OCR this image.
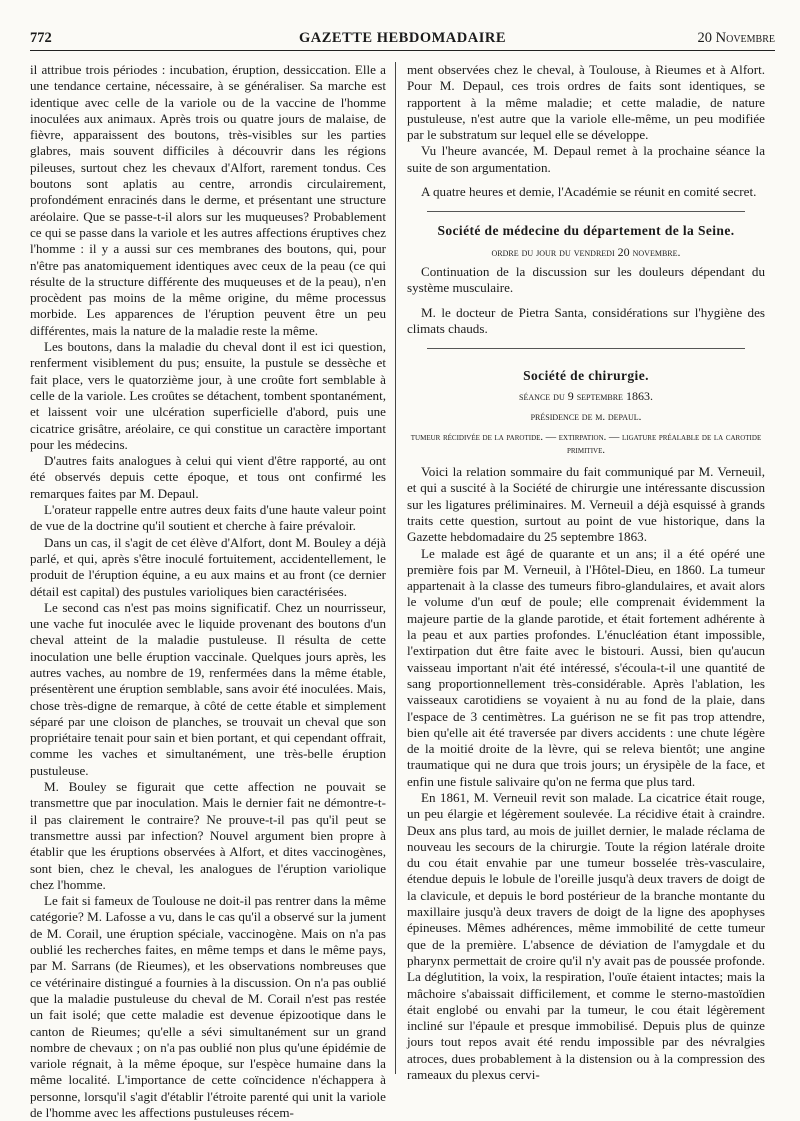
772	GAZETTE HEBDOMADAIRE	20 Novembre

il attribue trois périodes : incubation, éruption, dessiccation. Elle a une tendance certaine, nécessaire, à se généraliser. Sa marche est identique avec celle de la variole ou de la vaccine de l'homme inoculées aux animaux. Après trois ou quatre jours de malaise, de fièvre, apparaissent des boutons, très-visibles sur les parties glabres, mais souvent difficiles à découvrir dans les régions pileuses, surtout chez les chevaux d'Alfort, rarement tondus. Ces boutons sont aplatis au centre, arrondis circulairement, profondément enracinés dans le derme, et présentant une structure aréolaire. Que se passe-t-il alors sur les muqueuses? Probablement ce qui se passe dans la variole et les autres affections éruptives chez l'homme : il y a aussi sur ces membranes des boutons, qui, pour n'être pas anatomiquement identiques avec ceux de la peau (ce qui résulte de la structure différente des muqueuses et de la peau), n'en procèdent pas moins de la même origine, du même processus morbide. Les apparences de l'éruption peuvent être un peu différentes, mais la nature de la maladie reste la même.

Les boutons, dans la maladie du cheval dont il est ici question, renferment visiblement du pus; ensuite, la pustule se dessèche et fait place, vers le quatorzième jour, à une croûte fort semblable à celle de la variole. Les croûtes se détachent, tombent spontanément, et laissent voir une ulcération superficielle d'abord, puis une cicatrice grisâtre, aréolaire, ce qui constitue un caractère important pour les médecins.

D'autres faits analogues à celui qui vient d'être rapporté, au ont été observés depuis cette époque, et tous ont confirmé les remarques faites par M. Depaul.

L'orateur rappelle entre autres deux faits d'une haute valeur point de vue de la doctrine qu'il soutient et cherche à faire prévaloir.

Dans un cas, il s'agit de cet élève d'Alfort, dont M. Bouley a déjà parlé, et qui, après s'être inoculé fortuitement, accidentellement, le produit de l'éruption équine, a eu aux mains et au front (ce dernier détail est capital) des pustules varioliques bien caractérisées.

Le second cas n'est pas moins significatif. Chez un nourrisseur, une vache fut inoculée avec le liquide provenant des boutons d'un cheval atteint de la maladie pustuleuse. Il résulta de cette inoculation une belle éruption vaccinale. Quelques jours après, les autres vaches, au nombre de 19, renfermées dans la même étable, présentèrent une éruption semblable, sans avoir été inoculées. Mais, chose très-digne de remarque, à côté de cette étable et simplement séparé par une cloison de planches, se trouvait un cheval que son propriétaire tenait pour sain et bien portant, et qui cependant offrait, comme les vaches et simultanément, une très-belle éruption pustuleuse.

M. Bouley se figurait que cette affection ne pouvait se transmettre que par inoculation. Mais le dernier fait ne démontre-t-il pas clairement le contraire? Ne prouve-t-il pas qu'il peut se transmettre aussi par infection? Nouvel argument bien propre à établir que les éruptions observées à Alfort, et dites vaccinogènes, sont bien, chez le cheval, les analogues de l'éruption variolique chez l'homme.

Le fait si fameux de Toulouse ne doit-il pas rentrer dans la même catégorie? M. Lafosse a vu, dans le cas qu'il a observé sur la jument de M. Corail, une éruption spéciale, vaccinogène. Mais on n'a pas oublié les recherches faites, en même temps et dans le même pays, par M. Sarrans (de Rieumes), et les observations nombreuses que ce vétérinaire distingué a fournies à la discussion. On n'a pas oublié que la maladie pustuleuse du cheval de M. Corail n'est pas restée un fait isolé; que cette maladie est devenue épizootique dans le canton de Rieumes; qu'elle a sévi simultanément sur un grand nombre de chevaux ; on n'a pas oublié non plus qu'une épidémie de variole régnait, à la même époque, sur l'espèce humaine dans la même localité. L'importance de cette coïncidence n'échappera à personne, lorsqu'il s'agit d'établir l'étroite parenté qui unit la variole de l'homme avec les affections pustuleuses récem-

ment observées chez le cheval, à Toulouse, à Rieumes et à Alfort. Pour M. Depaul, ces trois ordres de faits sont identiques, se rapportent à la même maladie; et cette maladie, de nature pustuleuse, n'est autre que la variole elle-même, un peu modifiée par le substratum sur lequel elle se développe.

Vu l'heure avancée, M. Depaul remet à la prochaine séance la suite de son argumentation.

A quatre heures et demie, l'Académie se réunit en comité secret.

Société de médecine du département de la Seine.
ordre du jour du vendredi 20 novembre.

Continuation de la discussion sur les douleurs dépendant du système musculaire.

M. le docteur de Pietra Santa, considérations sur l'hygiène des climats chauds.

Société de chirurgie.
séance du 9 septembre 1863.
présidence de m. depaul.
tumeur récidivée de la parotide. — extirpation. — ligature préalable de la carotide primitive.

Voici la relation sommaire du fait communiqué par M. Verneuil, et qui a suscité à la Société de chirurgie une intéressante discussion sur les ligatures préliminaires. M. Verneuil a déjà esquissé à grands traits cette question, surtout au point de vue historique, dans la Gazette hebdomadaire du 25 septembre 1863.

Le malade est âgé de quarante et un ans; il a été opéré une première fois par M. Verneuil, à l'Hôtel-Dieu, en 1860. La tumeur appartenait à la classe des tumeurs fibro-glandulaires, et avait alors le volume d'un œuf de poule; elle comprenait évidemment la majeure partie de la glande parotide, et était fortement adhérente à la peau et aux parties profondes. L'énucléation étant impossible, l'extirpation dut être faite avec le bistouri. Aussi, bien qu'aucun vaisseau important n'ait été intéressé, s'écoula-t-il une quantité de sang proportionnellement très-considérable. Après l'ablation, les vaisseaux carotidiens se voyaient à nu au fond de la plaie, dans l'espace de 3 centimètres. La guérison ne se fit pas trop attendre, bien qu'elle ait été traversée par divers accidents : une chute légère de la moitié droite de la lèvre, qui se releva bientôt; une angine traumatique qui ne dura que trois jours; un érysipèle de la face, et enfin une fistule salivaire qu'on ne ferma que plus tard.

En 1861, M. Verneuil revit son malade. La cicatrice était rouge, un peu élargie et légèrement soulevée. La récidive était à craindre. Deux ans plus tard, au mois de juillet dernier, le malade réclama de nouveau les secours de la chirurgie. Toute la région latérale droite du cou était envahie par une tumeur bosselée très-vasculaire, étendue depuis le lobule de l'oreille jusqu'à deux travers de doigt de la clavicule, et depuis le bord postérieur de la branche montante du maxillaire jusqu'à deux travers de doigt de la ligne des apophyses épineuses. Mêmes adhérences, même immobilité de cette tumeur que de la première. L'absence de déviation de l'amygdale et du pharynx permettait de croire qu'il n'y avait pas de poussée profonde. La déglutition, la voix, la respiration, l'ouïe étaient intactes; mais la mâchoire s'abaissait difficilement, et comme le sterno-mastoïdien était englobé ou envahi par la tumeur, le cou était légèrement incliné sur l'épaule et presque immobilisé. Depuis plus de quinze jours tout repos avait été rendu impossible par des névralgies atroces, dues probablement à la distension ou à la compression des rameaux du plexus cervi-
